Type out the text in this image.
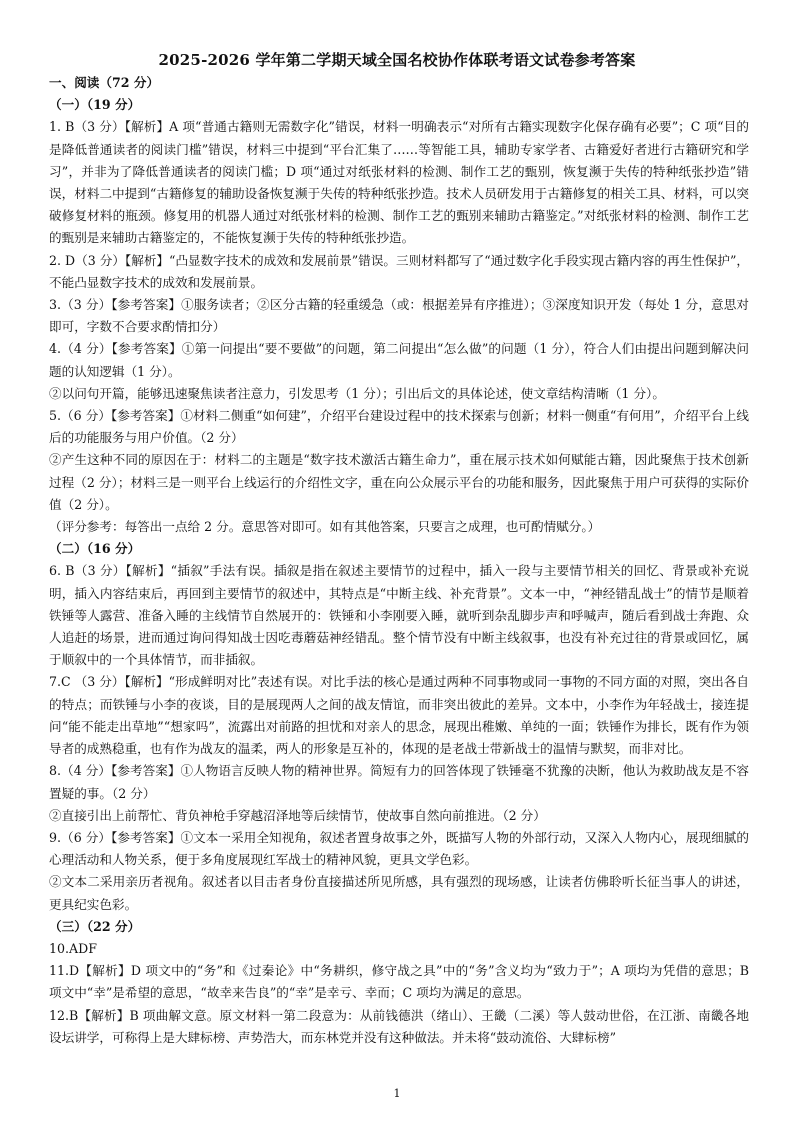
2025-2026 学年第二学期天域全国名校协作体联考语文试卷参考答案

一、阅读（72 分）

（一）（19 分）

1. B（3 分）【解析】A 项“普通古籍则无需数字化”错误，材料一明确表示“对所有古籍实现数字化保存确有必要”；C 项“目的是降低普通读者的阅读门槛”错误，材料三中提到“平台汇集了……等智能工具，辅助专家学者、古籍爱好者进行古籍研究和学习”，并非为了降低普通读者的阅读门槛；D 项“通过对纸张材料的检测、制作工艺的甄别，恢复濒于失传的特种纸张抄造”错误，材料二中提到“古籍修复的辅助设备恢复濒于失传的特种纸张抄造。技术人员研发用于古籍修复的相关工具、材料，可以突破修复材料的瓶颈。修复用的机器人通过对纸张材料的检测、制作工艺的甄别来辅助古籍鉴定。”对纸张材料的检测、制作工艺的甄别是来辅助古籍鉴定的，不能恢复濒于失传的特种纸张抄造。

2. D（3 分）【解析】“凸显数字技术的成效和发展前景”错误。三则材料都写了“通过数字化手段实现古籍内容的再生性保护”，不能凸显数字技术的成效和发展前景。

3.（3 分）【参考答案】①服务读者；②区分古籍的轻重缓急（或：根据差异有序推进）；③深度知识开发（每处 1 分，意思对即可，字数不合要求酌情扣分）

4.（4 分）【参考答案】①第一问提出“要不要做”的问题，第二问提出“怎么做”的问题（1 分），符合人们由提出问题到解决问题的认知逻辑（1 分）。

②以问句开篇，能够迅速聚焦读者注意力，引发思考（1 分）；引出后文的具体论述，使文章结构清晰（1 分）。

5.（6 分）【参考答案】①材料二侧重“如何建”，介绍平台建设过程中的技术探索与创新；材料一侧重“有何用”，介绍平台上线后的功能服务与用户价值。（2 分）

②产生这种不同的原因在于：材料二的主题是“数字技术激活古籍生命力”，重在展示技术如何赋能古籍，因此聚焦于技术创新过程（2 分）；材料三是一则平台上线运行的介绍性文字，重在向公众展示平台的功能和服务，因此聚焦于用户可获得的实际价值（2 分）。

（评分参考：每答出一点给 2 分。意思答对即可。如有其他答案，只要言之成理，也可酌情赋分。）

（二）（16 分）

6. B（3 分）【解析】“插叙”手法有误。插叙是指在叙述主要情节的过程中，插入一段与主要情节相关的回忆、背景或补充说明，插入内容结束后，再回到主要情节的叙述中，其特点是“中断主线、补充背景”。文本一中，“神经错乱战士”的情节是顺着铁锤等人露营、准备入睡的主线情节自然展开的：铁锤和小李刚要入睡，就听到杂乱脚步声和呼喊声，随后看到战士奔跑、众人追赶的场景，进而通过询问得知战士因吃毒蘑菇神经错乱。整个情节没有中断主线叙事，也没有补充过往的背景或回忆，属于顺叙中的一个具体情节，而非插叙。

7.C （3 分）【解析】“形成鲜明对比”表述有误。对比手法的核心是通过两种不同事物或同一事物的不同方面的对照，突出各自的特点；而铁锤与小李的夜谈，目的是展现两人之间的战友情谊，而非突出彼此的差异。文本中，小李作为年轻战士，接连提问“能不能走出草地”“想家吗”，流露出对前路的担忧和对亲人的思念，展现出稚嫩、单纯的一面；铁锤作为排长，既有作为领导者的成熟稳重，也有作为战友的温柔，两人的形象是互补的，体现的是老战士带新战士的温情与默契，而非对比。

8.（4 分）【参考答案】①人物语言反映人物的精神世界。简短有力的回答体现了铁锤毫不犹豫的决断，他认为救助战友是不容置疑的事。（2 分）

②直接引出上前帮忙、背负神枪手穿越沼泽地等后续情节，使故事自然向前推进。（2 分）

9.（6 分）【参考答案】①文本一采用全知视角，叙述者置身故事之外，既描写人物的外部行动，又深入人物内心，展现细腻的心理活动和人物关系，便于多角度展现红军战士的精神风貌，更具文学色彩。

②文本二采用亲历者视角。叙述者以目击者身份直接描述所见所感，具有强烈的现场感，让读者仿佛聆听长征当事人的讲述，更具纪实色彩。

（三）（22 分）

10.ADF

11.D【解析】D 项文中的“务”和《过秦论》中“务耕织，修守战之具”中的“务”含义均为“致力于”；A 项均为凭借的意思；B 项文中“幸”是希望的意思，“故幸来告良”的“幸”是幸亏、幸而；C 项均为满足的意思。

12.B【解析】B 项曲解文意。原文材料一第二段意为：从前钱德洪（绪山）、王畿（二溪）等人鼓动世俗，在江浙、南畿各地设坛讲学，可称得上是大肆标榜、声势浩大，而东林党并没有这种做法。并未将“鼓动流俗、大肆标榜”

1
